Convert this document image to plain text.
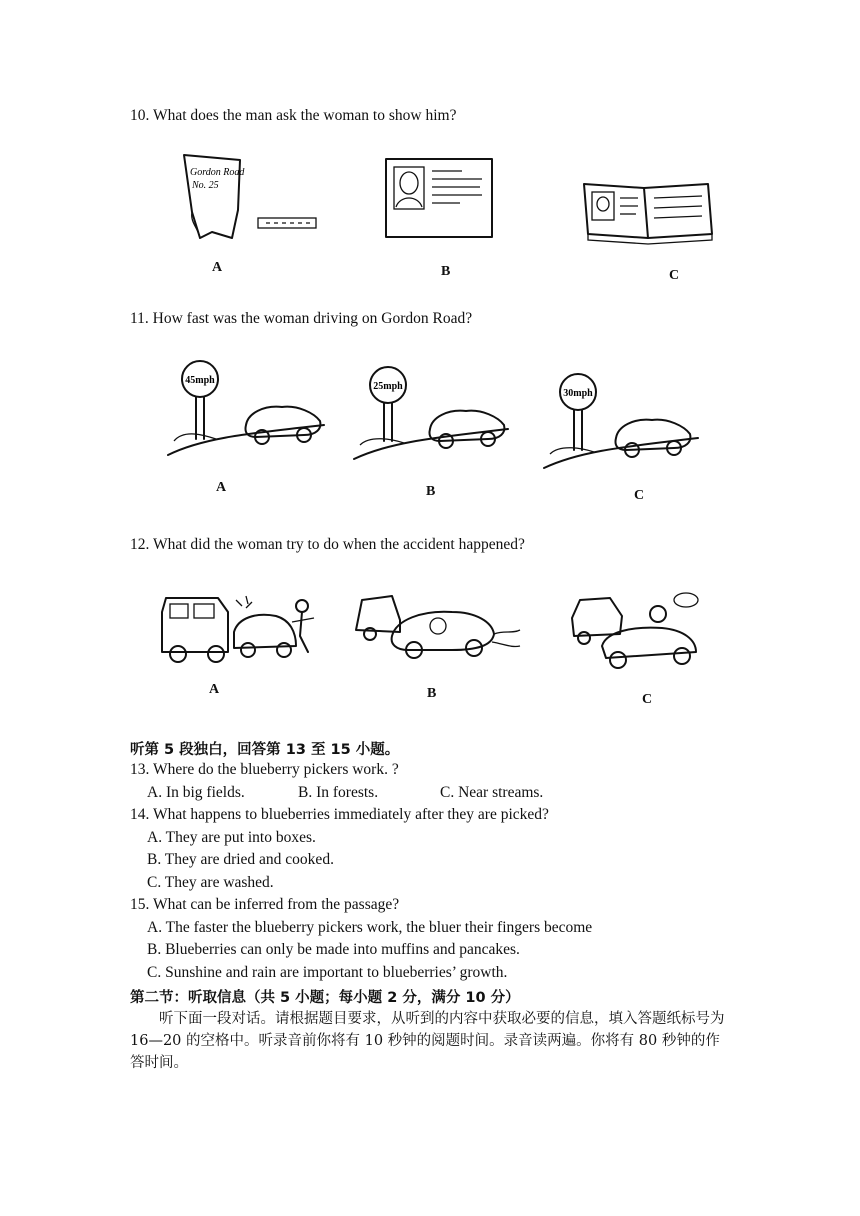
10. What does the man ask the woman to show him?
Gordon Road
No. 25
A	B	C
11. How fast was the woman driving on Gordon Road?
45mph
A
25mph
B
30mph
C
12. What did the woman try to do when the accident happened?
A	B	C
听第 5 段独白，回答第 13 至 15 小题。
13. Where do the blueberry pickers work. ?
A. In big fields.	B. In forests.	C. Near streams.
14. What happens to blueberries immediately after they are picked?
A. They are put into boxes.
B. They are dried and cooked.
C. They are washed.
15. What can be inferred from the passage?
A. The faster the blueberry pickers work, the bluer their fingers become
B. Blueberries can only be made into muffins and pancakes.
C. Sunshine and rain are important to blueberries’ growth.
第二节：听取信息（共 5 小题；每小题 2 分，满分 10 分）
听下面一段对话。请根据题目要求，从听到的内容中获取必要的信息，填入答题纸标号为 16—20 的空格中。听录音前你将有 10 秒钟的阅题时间。录音读两遍。你将有 80 秒钟的作答时间。
